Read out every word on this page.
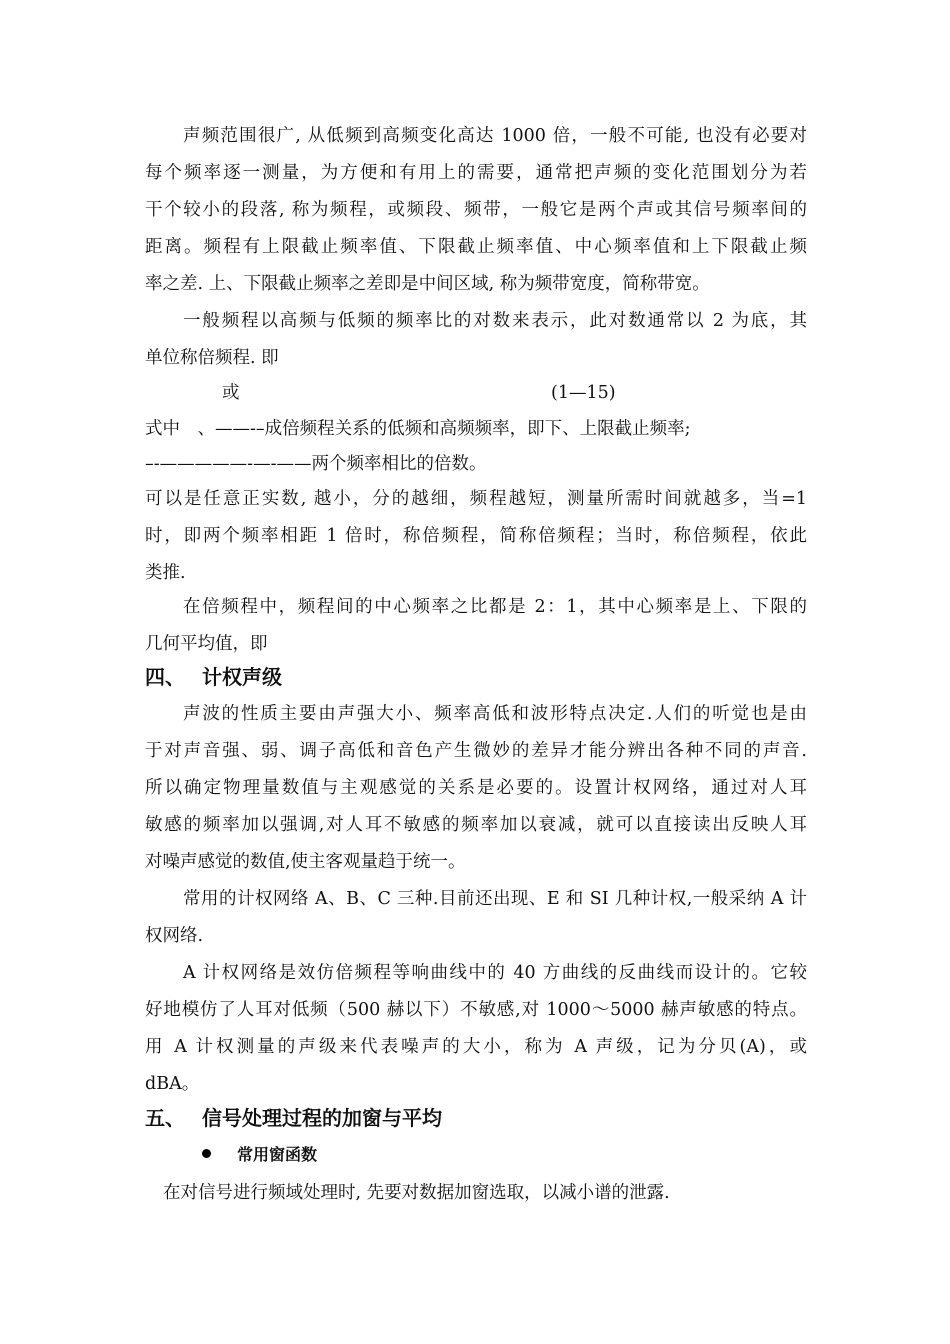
声频范围很广, 从低频到高频变化高达 1000 倍，一般不可能, 也没有必要对
每个频率逐一测量，为方便和有用上的需要，通常把声频的变化范围划分为若
干个较小的段落, 称为频程，或频段、频带，一般它是两个声或其信号频率间的
距离。频程有上限截止频率值、下限截止频率值、中心频率值和上下限截止频
率之差. 上、下限截止频率之差即是中间区域, 称为频带宽度，简称带宽。
一般频程以高频与低频的频率比的对数来表示，此对数通常以 2 为底，其
单位称倍频程. 即
或	(1—15)
式中　、——-–成倍频程关系的低频和高频频率，即下、上限截止频率;
–-—————-—-——两个频率相比的倍数。
可以是任意正实数, 越小，分的越细，频程越短，测量所需时间就越多，当=1
时，即两个频率相距 1 倍时，称倍频程，简称倍频程；当时，称倍频程，依此
类推.
在倍频程中，频程间的中心频率之比都是 2：1，其中心频率是上、下限的
几何平均值，即
四、 计权声级
声波的性质主要由声强大小、频率高低和波形特点决定.人们的听觉也是由
于对声音强、弱、调子高低和音色产生微妙的差异才能分辨出各种不同的声音.
所以确定物理量数值与主观感觉的关系是必要的。设置计权网络，通过对人耳
敏感的频率加以强调,对人耳不敏感的频率加以衰减，就可以直接读出反映人耳
对噪声感觉的数值,使主客观量趋于统一。
常用的计权网络 A、B、C 三种.目前还出现、E 和 SI 几种计权,一般采纳 A 计
权网络.
A 计权网络是效仿倍频程等响曲线中的 40 方曲线的反曲线而设计的。它较
好地模仿了人耳对低频（500 赫以下）不敏感,对 1000～5000 赫声敏感的特点。
用 A 计权测量的声级来代表噪声的大小，称为 A 声级，记为分贝(A)，或
dBA。
五、 信号处理过程的加窗与平均
常用窗函数
在对信号进行频域处理时, 先要对数据加窗选取，以减小谱的泄露.
